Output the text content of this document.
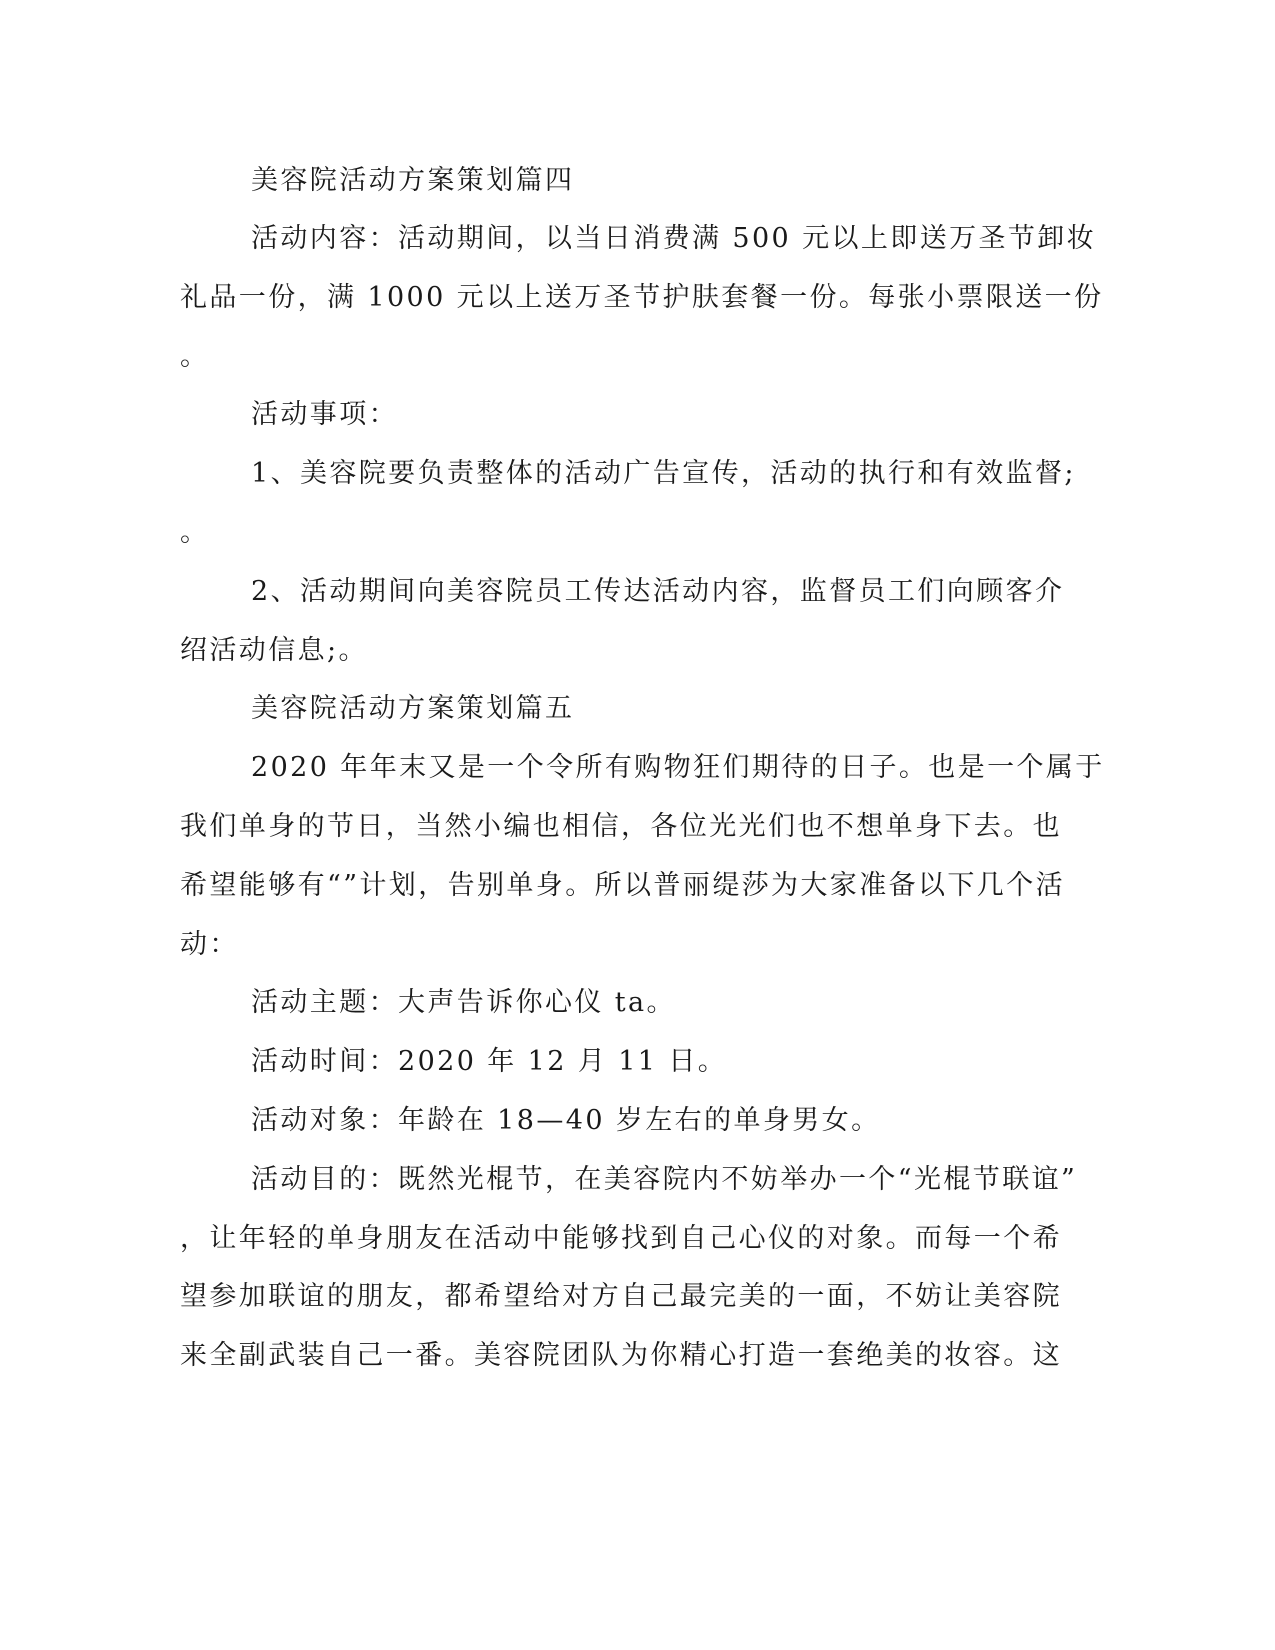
美容院活动方案策划篇四
活动内容：活动期间，以当日消费满 500 元以上即送万圣节卸妆
礼品一份，满 1000 元以上送万圣节护肤套餐一份。每张小票限送一份
。
活动事项：
1、美容院要负责整体的活动广告宣传，活动的执行和有效监督;
。
2、活动期间向美容院员工传达活动内容，监督员工们向顾客介
绍活动信息;。
美容院活动方案策划篇五
2020 年年末又是一个令所有购物狂们期待的日子。也是一个属于
我们单身的节日，当然小编也相信，各位光光们也不想单身下去。也
希望能够有“”计划，告别单身。所以普丽缇莎为大家准备以下几个活
动：
活动主题：大声告诉你心仪 ta。
活动时间：2020 年 12 月 11 日。
活动对象：年龄在 18—40 岁左右的单身男女。
活动目的：既然光棍节，在美容院内不妨举办一个“光棍节联谊”
，让年轻的单身朋友在活动中能够找到自己心仪的对象。而每一个希
望参加联谊的朋友，都希望给对方自己最完美的一面，不妨让美容院
来全副武装自己一番。美容院团队为你精心打造一套绝美的妆容。这
